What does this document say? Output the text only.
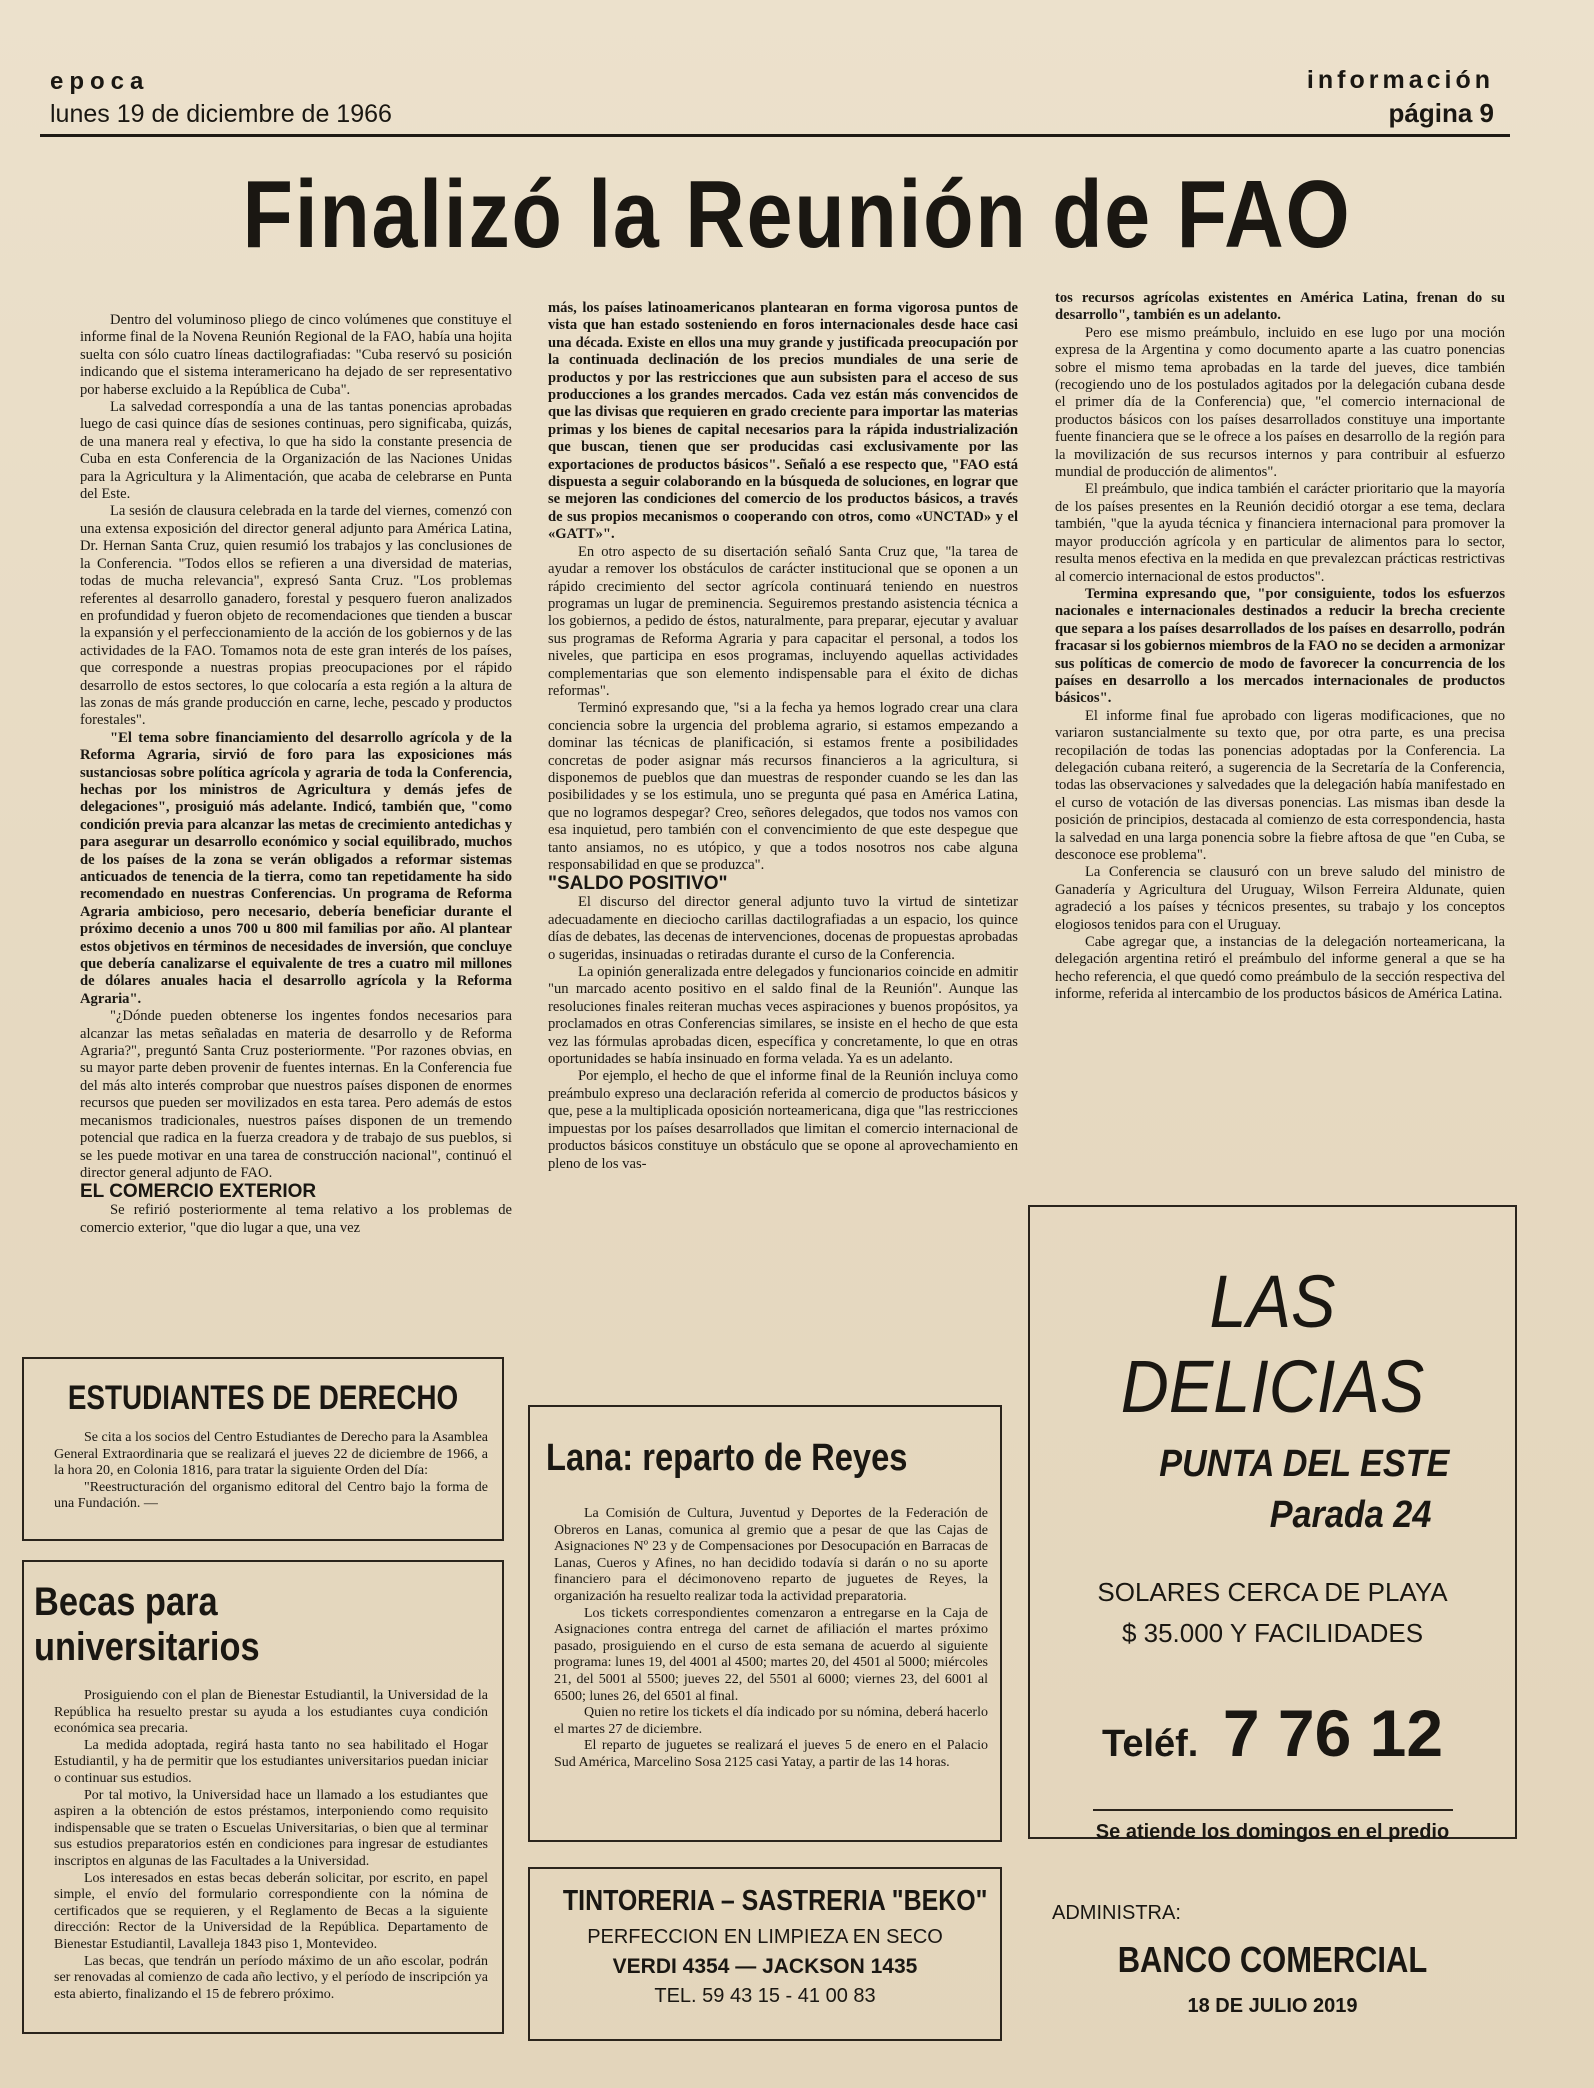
epoca
lunes 19 de diciembre de 1966
información
página 9
Finalizó la Reunión de FAO

Dentro del voluminoso pliego de cinco volúmenes que constituye el informe final de la Novena Reunión Regional de la FAO, había una hojita suelta con sólo cuatro líneas dactilografiadas: "Cuba reservó su posición indicando que el sistema interamericano ha dejado de ser representativo por haberse excluido a la República de Cuba".

La salvedad correspondía a una de las tantas ponencias aprobadas luego de casi quince días de sesiones continuas, pero significaba, quizás, de una manera real y efectiva, lo que ha sido la constante presencia de Cuba en esta Conferencia de la Organización de las Naciones Unidas para la Agricultura y la Alimentación, que acaba de celebrarse en Punta del Este.

La sesión de clausura celebrada en la tarde del viernes, comenzó con una extensa exposición del director general adjunto para América Latina, Dr. Hernan Santa Cruz, quien resumió los trabajos y las conclusiones de la Conferencia. "Todos ellos se refieren a una diversidad de materias, todas de mucha relevancia", expresó Santa Cruz. "Los problemas referentes al desarrollo ganadero, forestal y pesquero fueron analizados en profundidad y fueron objeto de recomendaciones que tienden a buscar la expansión y el perfeccionamiento de la acción de los gobiernos y de las actividades de la FAO. Tomamos nota de este gran interés de los países, que corresponde a nuestras propias preocupaciones por el rápido desarrollo de estos sectores, lo que colocaría a esta región a la altura de las zonas de más grande producción en carne, leche, pescado y productos forestales".

"El tema sobre financiamiento del desarrollo agrícola y de la Reforma Agraria, sirvió de foro para las exposiciones más sustanciosas sobre política agrícola y agraria de toda la Conferencia, hechas por los ministros de Agricultura y demás jefes de delegaciones", prosiguió más adelante. Indicó, también que, "como condición previa para alcanzar las metas de crecimiento antedichas y para asegurar un desarrollo económico y social equilibrado, muchos de los países de la zona se verán obligados a reformar sistemas anticuados de tenencia de la tierra, como tan repetidamente ha sido recomendado en nuestras Conferencias. Un programa de Reforma Agraria ambicioso, pero necesario, debería beneficiar durante el próximo decenio a unos 700 u 800 mil familias por año. Al plantear estos objetivos en términos de necesidades de inversión, que concluye que debería canalizarse el equivalente de tres a cuatro mil millones de dólares anuales hacia el desarrollo agrícola y la Reforma Agraria".

"¿Dónde pueden obtenerse los ingentes fondos necesarios para alcanzar las metas señaladas en materia de desarrollo y de Reforma Agraria?", preguntó Santa Cruz posteriormente. "Por razones obvias, en su mayor parte deben provenir de fuentes internas. En la Conferencia fue del más alto interés comprobar que nuestros países disponen de enormes recursos que pueden ser movilizados en esta tarea. Pero además de estos mecanismos tradicionales, nuestros países disponen de un tremendo potencial que radica en la fuerza creadora y de trabajo de sus pueblos, si se les puede motivar en una tarea de construcción nacional", continuó el director general adjunto de FAO.

EL COMERCIO EXTERIOR

Se refirió posteriormente al tema relativo a los problemas de comercio exterior, "que dio lugar a que, una vez

más, los países latinoamericanos plantearan en forma vigorosa puntos de vista que han estado sosteniendo en foros internacionales desde hace casi una década. Existe en ellos una muy grande y justificada preocupación por la continuada declinación de los precios mundiales de una serie de productos y por las restricciones que aun subsisten para el acceso de sus producciones a los grandes mercados. Cada vez están más convencidos de que las divisas que requieren en grado creciente para importar las materias primas y los bienes de capital necesarios para la rápida industrialización que buscan, tienen que ser producidas casi exclusivamente por las exportaciones de productos básicos". Señaló a ese respecto que, "FAO está dispuesta a seguir colaborando en la búsqueda de soluciones, en lograr que se mejoren las condiciones del comercio de los productos básicos, a través de sus propios mecanismos o cooperando con otros, como «UNCTAD» y el «GATT»".

En otro aspecto de su disertación señaló Santa Cruz que, "la tarea de ayudar a remover los obstáculos de carácter institucional que se oponen a un rápido crecimiento del sector agrícola continuará teniendo en nuestros programas un lugar de preminencia. Seguiremos prestando asistencia técnica a los gobiernos, a pedido de éstos, naturalmente, para preparar, ejecutar y avaluar sus programas de Reforma Agraria y para capacitar el personal, a todos los niveles, que participa en esos programas, incluyendo aquellas actividades complementarias que son elemento indispensable para el éxito de dichas reformas".

Terminó expresando que, "si a la fecha ya hemos logrado crear una clara conciencia sobre la urgencia del problema agrario, si estamos empezando a dominar las técnicas de planificación, si estamos frente a posibilidades concretas de poder asignar más recursos financieros a la agricultura, si disponemos de pueblos que dan muestras de responder cuando se les dan las posibilidades y se los estimula, uno se pregunta qué pasa en América Latina, que no logramos despegar? Creo, señores delegados, que todos nos vamos con esa inquietud, pero también con el convencimiento de que este despegue que tanto ansiamos, no es utópico, y que a todos nosotros nos cabe alguna responsabilidad en que se produzca".

"SALDO POSITIVO"

El discurso del director general adjunto tuvo la virtud de sintetizar adecuadamente en dieciocho carillas dactilografiadas a un espacio, los quince días de debates, las decenas de intervenciones, docenas de propuestas aprobadas o sugeridas, insinuadas o retiradas durante el curso de la Conferencia.

La opinión generalizada entre delegados y funcionarios coincide en admitir "un marcado acento positivo en el saldo final de la Reunión". Aunque las resoluciones finales reiteran muchas veces aspiraciones y buenos propósitos, ya proclamados en otras Conferencias similares, se insiste en el hecho de que esta vez las fórmulas aprobadas dicen, específica y concretamente, lo que en otras oportunidades se había insinuado en forma velada. Ya es un adelanto.

Por ejemplo, el hecho de que el informe final de la Reunión incluya como preámbulo expreso una declaración referida al comercio de productos básicos y que, pese a la multiplicada oposición norteamericana, diga que "las restricciones impuestas por los países desarrollados que limitan el comercio internacional de productos básicos constituye un obstáculo que se opone al aprovechamiento en pleno de los vas-

tos recursos agrícolas existentes en América Latina, frenan do su desarrollo", también es un adelanto.

Pero ese mismo preámbulo, incluido en ese lugo por una moción expresa de la Argentina y como documento aparte a las cuatro ponencias sobre el mismo tema aprobadas en la tarde del jueves, dice también (recogiendo uno de los postulados agitados por la delegación cubana desde el primer día de la Conferencia) que, "el comercio internacional de productos básicos con los países desarrollados constituye una importante fuente financiera que se le ofrece a los países en desarrollo de la región para la movilización de sus recursos internos y para contribuir al esfuerzo mundial de producción de alimentos".

El preámbulo, que indica también el carácter prioritario que la mayoría de los países presentes en la Reunión decidió otorgar a ese tema, declara también, "que la ayuda técnica y financiera internacional para promover la mayor producción agrícola y en particular de alimentos para lo sector, resulta menos efectiva en la medida en que prevalezcan prácticas restrictivas al comercio internacional de estos productos".

Termina expresando que, "por consiguiente, todos los esfuerzos nacionales e internacionales destinados a reducir la brecha creciente que separa a los países desarrollados de los países en desarrollo, podrán fracasar si los gobiernos miembros de la FAO no se deciden a armonizar sus políticas de comercio de modo de favorecer la concurrencia de los países en desarrollo a los mercados internacionales de productos básicos".

El informe final fue aprobado con ligeras modificaciones, que no variaron sustancialmente su texto que, por otra parte, es una precisa recopilación de todas las ponencias adoptadas por la Conferencia. La delegación cubana reiteró, a sugerencia de la Secretaría de la Conferencia, todas las observaciones y salvedades que la delegación había manifestado en el curso de votación de las diversas ponencias. Las mismas iban desde la posición de principios, destacada al comienzo de esta correspondencia, hasta la salvedad en una larga ponencia sobre la fiebre aftosa de que "en Cuba, se desconoce ese problema".

La Conferencia se clausuró con un breve saludo del ministro de Ganadería y Agricultura del Uruguay, Wilson Ferreira Aldunate, quien agradeció a los países y técnicos presentes, su trabajo y los conceptos elogiosos tenidos para con el Uruguay.

Cabe agregar que, a instancias de la delegación norteamericana, la delegación argentina retiró el preámbulo del informe general a que se ha hecho referencia, el que quedó como preámbulo de la sección respectiva del informe, referida al intercambio de los productos básicos de América Latina.

ESTUDIANTES DE DERECHO

Se cita a los socios del Centro Estudiantes de Derecho para la Asamblea General Extraordinaria que se realizará el jueves 22 de diciembre de 1966, a la hora 20, en Colonia 1816, para tratar la siguiente Orden del Día:

"Reestructuración del organismo editoral del Centro bajo la forma de una Fundación. —

Becas para universitarios

Prosiguiendo con el plan de Bienestar Estudiantil, la Universidad de la República ha resuelto prestar su ayuda a los estudiantes cuya condición económica sea precaria.

La medida adoptada, regirá hasta tanto no sea habilitado el Hogar Estudiantil, y ha de permitir que los estudiantes universitarios puedan iniciar o continuar sus estudios.

Por tal motivo, la Universidad hace un llamado a los estudiantes que aspiren a la obtención de estos préstamos, interponiendo como requisito indispensable que se traten o Escuelas Universitarias, o bien que al terminar sus estudios preparatorios estén en condiciones para ingresar de estudiantes inscriptos en algunas de las Facultades a la Universidad.

Los interesados en estas becas deberán solicitar, por escrito, en papel simple, el envío del formulario correspondiente con la nómina de certificados que se requieren, y el Reglamento de Becas a la siguiente dirección: Rector de la Universidad de la República. Departamento de Bienestar Estudiantil, Lavalleja 1843 piso 1, Montevideo.

Las becas, que tendrán un período máximo de un año escolar, podrán ser renovadas al comienzo de cada año lectivo, y el período de inscripción ya esta abierto, finalizando el 15 de febrero próximo.

Lana: reparto de Reyes

La Comisión de Cultura, Juventud y Deportes de la Federación de Obreros en Lanas, comunica al gremio que a pesar de que las Cajas de Asignaciones Nº 23 y de Compensaciones por Desocupación en Barracas de Lanas, Cueros y Afines, no han decidido todavía si darán o no su aporte financiero para el décimonoveno reparto de juguetes de Reyes, la organización ha resuelto realizar toda la actividad preparatoria.

Los tickets correspondientes comenzaron a entregarse en la Caja de Asignaciones contra entrega del carnet de afiliación el martes próximo pasado, prosiguiendo en el curso de esta semana de acuerdo al siguiente programa: lunes 19, del 4001 al 4500; martes 20, del 4501 al 5000; miércoles 21, del 5001 al 5500; jueves 22, del 5501 al 6000; viernes 23, del 6001 al 6500; lunes 26, del 6501 al final.

Quien no retire los tickets el día indicado por su nómina, deberá hacerlo el martes 27 de diciembre.

El reparto de juguetes se realizará el jueves 5 de enero en el Palacio Sud América, Marcelino Sosa 2125 casi Yatay, a partir de las 14 horas.

TINTORERIA – SASTRERIA "BEKO"
PERFECCION EN LIMPIEZA EN SECO
VERDI 4354 — JACKSON 1435
TEL. 59 43 15 - 41 00 83
LAS DELICIAS
PUNTA DEL ESTE
Parada 24
SOLARES CERCA DE PLAYA
$ 35.000 Y FACILIDADES
Teléf. 7 76 12
Se atiende los domingos en el predio
ADMINISTRA:
BANCO COMERCIAL
18 DE JULIO 2019
